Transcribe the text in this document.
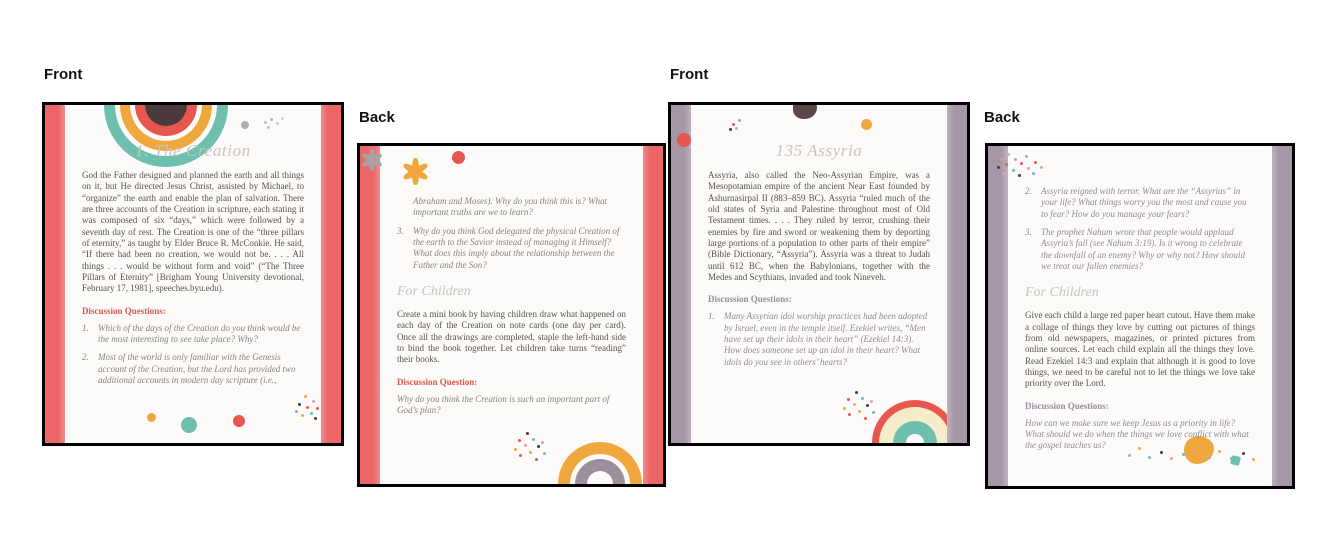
Front
Back
Front
Back
1. The Creation

God the Father designed and planned the earth and all things on it, but He directed Jesus Christ, assisted by Michael, to “organize” the earth and enable the plan of salvation. There are three accounts of the Creation in scripture, each stating it was composed of six “days,” which were followed by a seventh day of rest. The Creation is one of the “three pillars of eternity,” as taught by Elder Bruce R. McConkie. He said, “If there had been no creation, we would not be. . . . All things . . . would be without form and void” (“The Three Pillars of Eternity” [Brigham Young University devotional, February 17, 1981], speeches.byu.edu).

Discussion Questions:
1.	Which of the days of the Creation do you think would be the most interesting to see take place? Why?
2.	Most of the world is only familiar with the Genesis account of the Creation, but the Lord has provided two additional accounts in modern day scripture (i.e.,

Abraham and Moses). Why do you think this is? What important truths are we to learn?

3.	Why do you think God delegated the physical Creation of the earth to the Savior instead of managing it Himself? What does this imply about the relationship between the Father and the Son?
For Children

Create a mini book by having children draw what happened on each day of the Creation on note cards (one day per card). Once all the drawings are completed, staple the left-hand side to bind the book together. Let children take turns “reading” their books.

Discussion Question:

Why do you think the Creation is such an important part of God’s plan?

135 Assyria

Assyria, also called the Neo-Assyrian Empire, was a Mesopotamian empire of the ancient Near East founded by Ashurnasirpal II (883–859 BC). Assyria “ruled much of the old states of Syria and Palestine throughout most of Old Testament times. . . . They ruled by terror, crushing their enemies by fire and sword or weakening them by deporting large portions of a population to other parts of their empire” (Bible Dictionary, “Assyria”). Assyria was a threat to Judah until 612 BC, when the Babylonians, together with the Medes and Scythians, invaded and took Nineveh.

Discussion Questions:
1.	Many Assyrian idol worship practices had been adopted by Israel, even in the temple itself. Ezekiel writes, “Men have set up their idols in their heart” (Ezekiel 14:3). How does someone set up an idol in their heart? What idols do you see in others’ hearts?
2.	Assyria reigned with terror. What are the “Assyrias” in your life? What things worry you the most and cause you to fear? How do you manage your fears?
3.	The prophet Nahum wrote that people would applaud Assyria’s fall (see Nahum 3:19). Is it wrong to celebrate the downfall of an enemy? Why or why not? How should we treat our fallen enemies?
For Children

Give each child a large red paper heart cutout. Have them make a collage of things they love by cutting out pictures of things from old newspapers, magazines, or printed pictures from online sources. Let each child explain all the things they love. Read Ezekiel 14:3 and explain that although it is good to love things, we need to be careful not to let the things we love take priority over the Lord.

Discussion Questions:

How can we make sure we keep Jesus as a priority in life? What should we do when the things we love conflict with what the gospel teaches us?
